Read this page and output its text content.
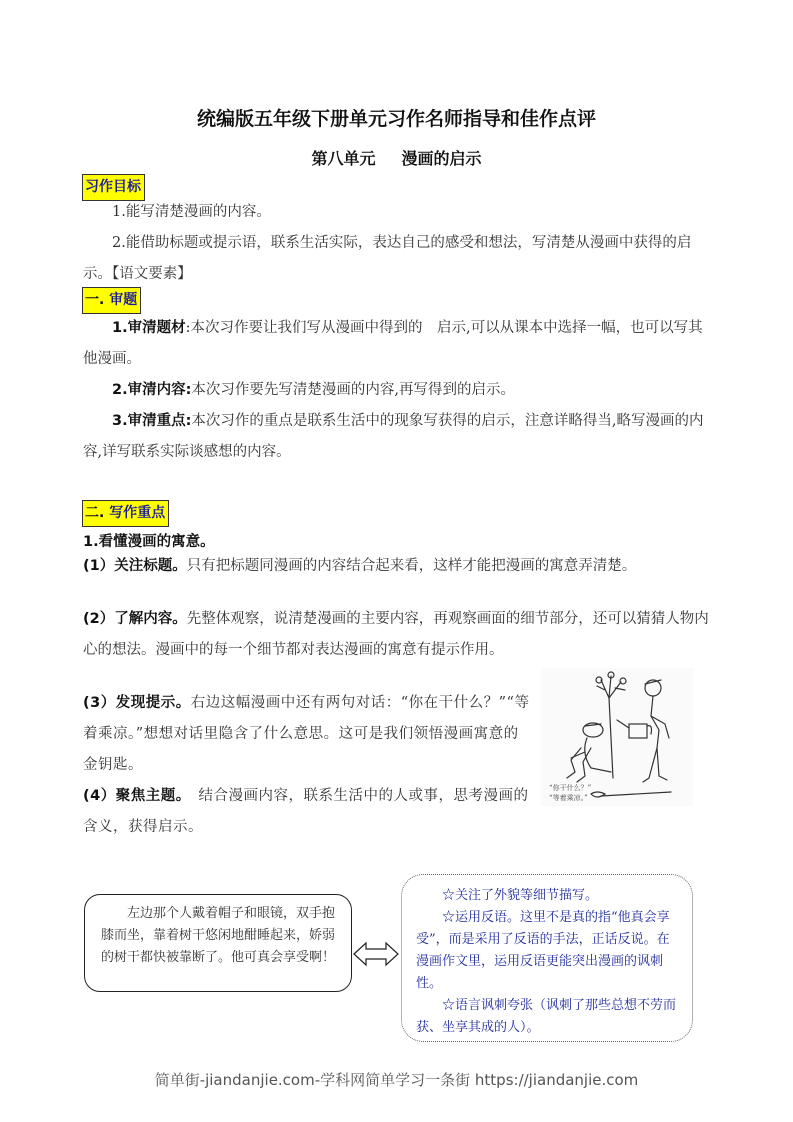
统编版五年级下册单元习作名师指导和佳作点评
第八单元 漫画的启示
习作目标
1.能写清楚漫画的内容。
2.能借助标题或提示语，联系生活实际，表达自己的感受和想法，写清楚从漫画中获得的启示。【语文要素】
一. 审题
1.审清题材:本次习作要让我们写从漫画中得到的　启示,可以从课本中选择一幅，也可以写其他漫画。
2.审清内容:本次习作要先写清楚漫画的内容,再写得到的启示。
3.审清重点:本次习作的重点是联系生活中的现象写获得的启示，注意详略得当,略写漫画的内容,详写联系实际谈感想的内容。
二. 写作重点
1.看懂漫画的寓意。
(1）关注标题。只有把标题同漫画的内容结合起来看，这样才能把漫画的寓意弄清楚。
(2）了解内容。先整体观察，说清楚漫画的主要内容，再观察画面的细节部分，还可以猜猜人物内心的想法。漫画中的每一个细节都对表达漫画的寓意有提示作用。
(3）发现提示。右边这幅漫画中还有两句对话：“你在干什么？”“等着乘凉。”想想对话里隐含了什么意思。这可是我们领悟漫画寓意的金钥匙。
(4）聚焦主题。　结合漫画内容，联系生活中的人或事，思考漫画的含义，获得启示。
“你干什么？”
“等着乘凉。”
左边那个人戴着帽子和眼镜，双手抱膝而坐，靠着树干悠闲地酣睡起来，娇弱的树干都快被靠断了。他可真会享受啊！

☆关注了外貌等细节描写。

☆运用反语。这里不是真的指“他真会享受”，而是采用了反语的手法，正话反说。在漫画作文里，运用反语更能突出漫画的讽刺性。

☆语言讽刺夸张（讽刺了那些总想不劳而获、坐享其成的人）。

简单街-jiandanjie.com-学科网简单学习一条街 https://jiandanjie.com
